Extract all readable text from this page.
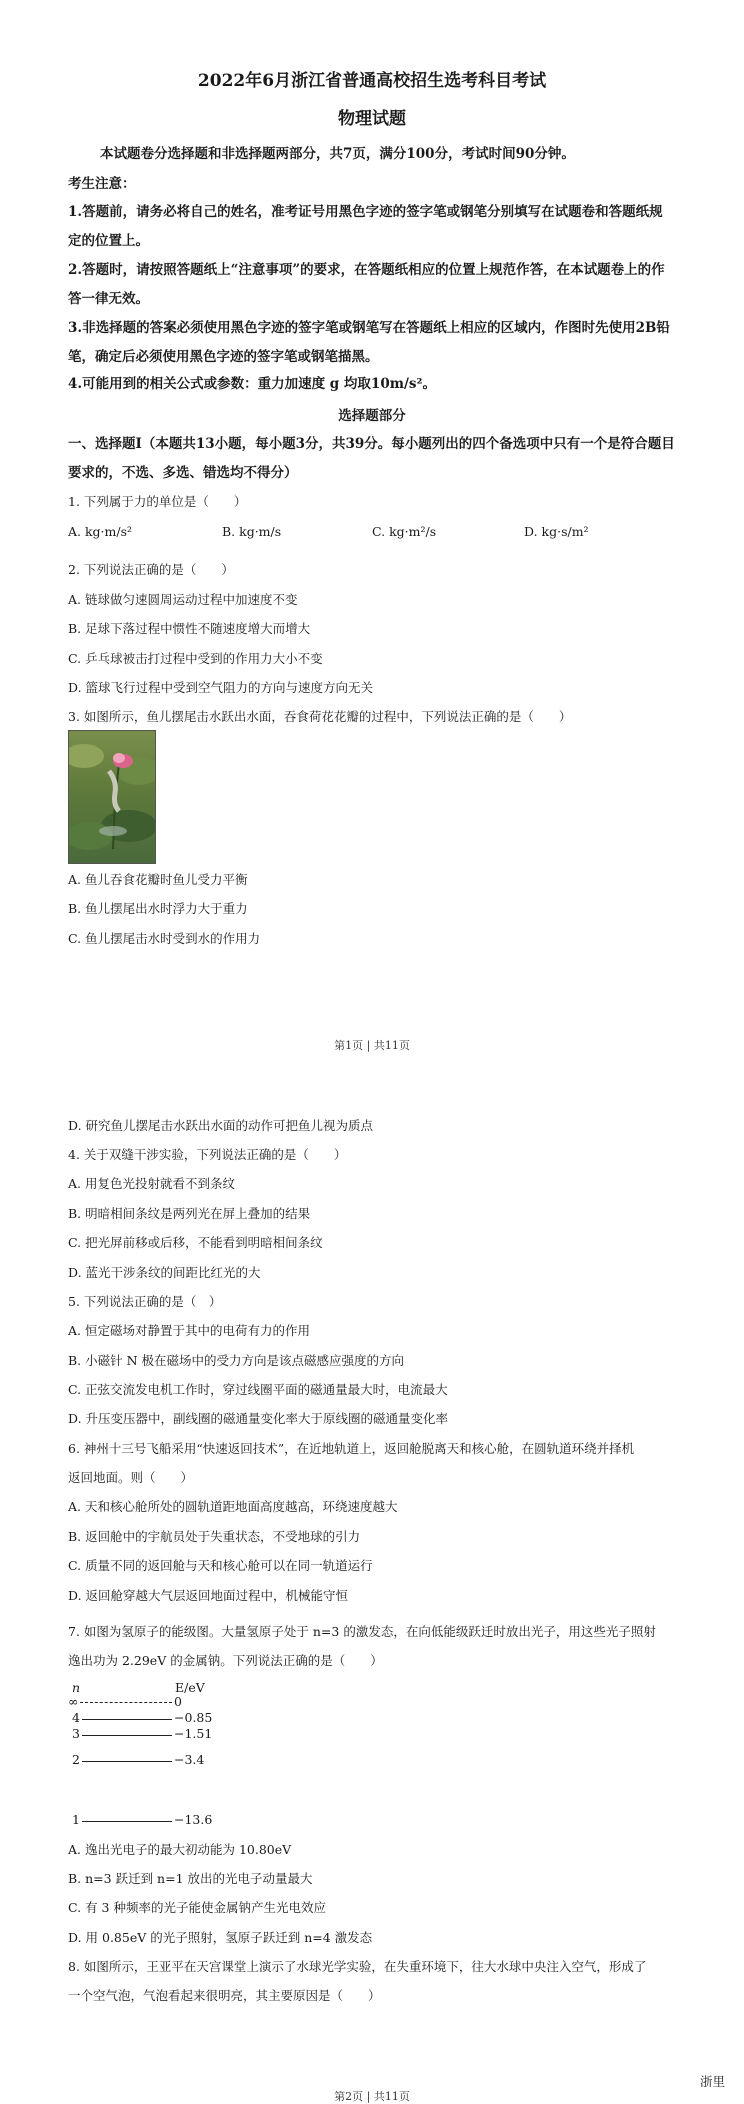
2022年6月浙江省普通高校招生选考科目考试
物理试题
本试题卷分选择题和非选择题两部分，共7页，满分100分，考试时间90分钟。
考生注意：
1.答题前，请务必将自己的姓名，准考证号用黑色字迹的签字笔或钢笔分别填写在试题卷和答题纸规定的位置上。
2.答题时，请按照答题纸上“注意事项”的要求，在答题纸相应的位置上规范作答，在本试题卷上的作答一律无效。
3.非选择题的答案必须使用黑色字迹的签字笔或钢笔写在答题纸上相应的区域内，作图时先使用2B铅笔，确定后必须使用黑色字迹的签字笔或钢笔描黑。
4.可能用到的相关公式或参数：重力加速度 g 均取10m/s²。
选择题部分
一、选择题Ⅰ（本题共13小题，每小题3分，共39分。每小题列出的四个备选项中只有一个是符合题目要求的，不选、多选、错选均不得分）
1. 下列属于力的单位是（　　）
A. kg·m/s²	B. kg·m/s	C. kg·m²/s	D. kg·s/m²
2. 下列说法正确的是（　　）
A. 链球做匀速圆周运动过程中加速度不变
B. 足球下落过程中惯性不随速度增大而增大
C. 乒乓球被击打过程中受到的作用力大小不变
D. 篮球飞行过程中受到空气阻力的方向与速度方向无关
3. 如图所示，鱼儿摆尾击水跃出水面，吞食荷花花瓣的过程中，下列说法正确的是（　　）
A. 鱼儿吞食花瓣时鱼儿受力平衡
B. 鱼儿摆尾出水时浮力大于重力
C. 鱼儿摆尾击水时受到水的作用力
第1页 | 共11页
D. 研究鱼儿摆尾击水跃出水面的动作可把鱼儿视为质点
4. 关于双缝干涉实验，下列说法正确的是（　　）
A. 用复色光投射就看不到条纹
B. 明暗相间条纹是两列光在屏上叠加的结果
C. 把光屏前移或后移，不能看到明暗相间条纹
D. 蓝光干涉条纹的间距比红光的大
5. 下列说法正确的是（　）
A. 恒定磁场对静置于其中的电荷有力的作用
B. 小磁针 N 极在磁场中的受力方向是该点磁感应强度的方向
C. 正弦交流发电机工作时，穿过线圈平面的磁通量最大时，电流最大
D. 升压变压器中，副线圈的磁通量变化率大于原线圈的磁通量变化率
6. 神州十三号飞船采用“快速返回技术”，在近地轨道上，返回舱脱离天和核心舱，在圆轨道环绕并择机
返回地面。则（　　）
A. 天和核心舱所处的圆轨道距地面高度越高，环绕速度越大
B. 返回舱中的宇航员处于失重状态，不受地球的引力
C. 质量不同的返回舱与天和核心舱可以在同一轨道运行
D. 返回舱穿越大气层返回地面过程中，机械能守恒
7. 如图为氢原子的能级图。大量氢原子处于 n=3 的激发态，在向低能级跃迁时放出光子，用这些光子照射
逸出功为 2.29eV 的金属钠。下列说法正确的是（　　）
n	E/eV
∞	0
4	−0.85
3	−1.51
2	−3.4
1	−13.6
A. 逸出光电子的最大初动能为 10.80eV
B. n=3 跃迁到 n=1 放出的光电子动量最大
C. 有 3 种频率的光子能使金属钠产生光电效应
D. 用 0.85eV 的光子照射，氢原子跃迁到 n=4 激发态
8. 如图所示，王亚平在天宫课堂上演示了水球光学实验，在失重环境下，往大水球中央注入空气，形成了
一个空气泡，气泡看起来很明亮，其主要原因是（　　）
浙里
第2页 | 共11页
